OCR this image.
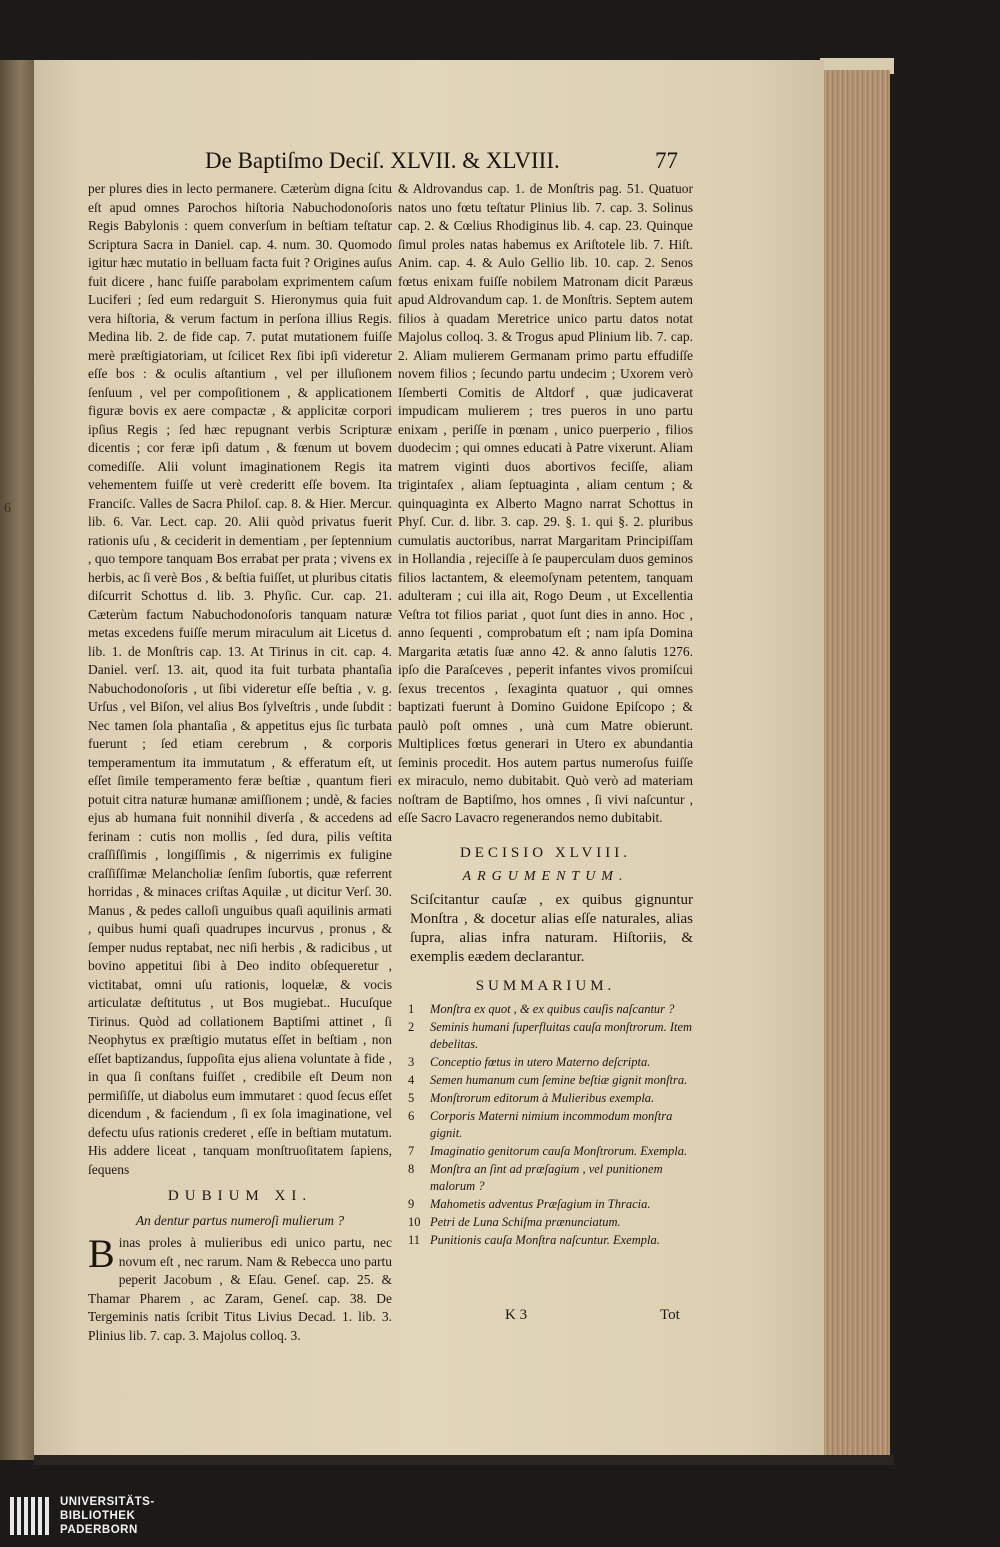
6
De Baptiſmo Deciſ. XLVII. & XLVIII.	77

per plures dies in lecto permanere. Cæterùm digna ſcitu eſt apud omnes Parochos hiſtoria Nabuchodonoſoris Regis Babylonis : quem converſum in beſtiam teſtatur Scriptura Sacra in Daniel. cap. 4. num. 30. Quomodo igitur hæc mutatio in belluam facta fuit ? Origines auſus fuit dicere , hanc fuiſſe parabolam exprimentem caſum Luciferi ; ſed eum redarguit S. Hieronymus quia fuit vera hiſtoria, & verum factum in perſona illius Regis. Medina lib. 2. de fide cap. 7. putat mutationem fuiſſe merè præſtigiatoriam, ut ſcilicet Rex ſibi ipſi videretur eſſe bos : & oculis aſtantium , vel per illuſionem ſenſuum , vel per compoſitionem , & applicationem figuræ bovis ex aere compactæ , & applicitæ corpori ipſius Regis ; ſed hæc repugnant verbis Scripturæ dicentis ; cor feræ ipſi datum , & fœnum ut bovem comediſſe. Alii volunt imaginationem Regis ita vehementem fuiſſe ut verè crederitt eſſe bovem. Ita Franciſc. Valles de Sacra Philoſ. cap. 8. & Hier. Mercur. lib. 6. Var. Lect. cap. 20. Alii quòd privatus fuerit rationis uſu , & ceciderit in dementiam , per ſeptennium , quo tempore tanquam Bos errabat per prata ; vivens ex herbis, ac ſi verè Bos , & beſtia fuiſſet, ut pluribus citatis diſcurrit Schottus d. lib. 3. Phyſic. Cur. cap. 21. Cæterùm factum Nabuchodonoſoris tanquam naturæ metas excedens fuiſſe merum miraculum ait Licetus d. lib. 1. de Monſtris cap. 13. At Tirinus in cit. cap. 4. Daniel. verſ. 13. ait, quod ita fuit turbata phantaſia Nabuchodonoſoris , ut ſibi videretur eſſe beſtia , v. g. Urſus , vel Biſon, vel alius Bos ſylveſtris , unde ſubdit : Nec tamen ſola phantaſia , & appetitus ejus ſic turbata fuerunt ; ſed etiam cerebrum , & corporis temperamentum ita immutatum , & efferatum eſt, ut eſſet ſimile temperamento feræ beſtiæ , quantum fieri potuit citra naturæ humanæ amiſſionem ; undè, & facies ejus ab humana fuit nonnihil diverſa , & accedens ad ferinam : cutis non mollis , ſed dura, pilis veſtita craſſiſſimis , longiſſimis , & nigerrimis ex fuligine craſſiſſimæ Melancholiæ ſenſim ſubortis, quæ referrent horridas , & minaces criſtas Aquilæ , ut dicitur Verſ. 30. Manus , & pedes calloſi unguibus quaſi aquilinis armati , quibus humi quaſi quadrupes incurvus , pronus , & ſemper nudus reptabat, nec niſi herbis , & radicibus , ut bovino appetitui ſibi à Deo indito obſequeretur , victitabat, omni uſu rationis, loquelæ, & vocis articulatæ deſtitutus , ut Bos mugiebat.. Hucuſque Tirinus. Quòd ad collationem Baptiſmi attinet , ſi Neophytus ex præſtigio mutatus eſſet in beſtiam , non eſſet baptizandus, ſuppoſita ejus aliena voluntate à fide , in qua ſi conſtans fuiſſet , credibile eſt Deum non permiſiſſe, ut diabolus eum immutaret : quod ſecus eſſet dicendum , & faciendum , ſi ex ſola imaginatione, vel defectu uſus rationis crederet , eſſe in beſtiam mutatum. His addere liceat , tanquam monſtruoſitatem ſapiens, ſequens

DUBIUM XI.
An dentur partus numeroſi mulierum ?

Binas proles à mulieribus edi unico partu, nec novum eſt , nec rarum. Nam & Rebecca uno partu peperit Jacobum , & Eſau. Geneſ. cap. 25. & Thamar Pharem , ac Zaram, Geneſ. cap. 38. De Tergeminis natis ſcribit Titus Livius Decad. 1. lib. 3. Plinius lib. 7. cap. 3. Majolus colloq. 3.

& Aldrovandus cap. 1. de Monſtris pag. 51. Quatuor natos uno fœtu teſtatur Plinius lib. 7. cap. 3. Solinus cap. 2. & Cœlius Rhodiginus lib. 4. cap. 23. Quinque ſimul proles natas habemus ex Ariſtotele lib. 7. Hiſt. Anim. cap. 4. & Aulo Gellio lib. 10. cap. 2. Senos fœtus enixam fuiſſe nobilem Matronam dicit Paræus apud Aldrovandum cap. 1. de Monſtris. Septem autem filios à quadam Meretrice unico partu datos notat Majolus colloq. 3. & Trogus apud Plinium lib. 7. cap. 2. Aliam mulierem Germanam primo partu effudiſſe novem filios ; ſecundo partu undecim ; Uxorem verò Iſemberti Comitis de Altdorf , quæ judicaverat impudicam mulierem ; tres pueros in uno partu enixam , periſſe in pœnam , unico puerperio , filios duodecim ; qui omnes educati à Patre vixerunt. Aliam matrem viginti duos abortivos feciſſe, aliam trigintaſex , aliam ſeptuaginta , aliam centum ; & quinquaginta ex Alberto Magno narrat Schottus in Phyſ. Cur. d. libr. 3. cap. 29. §. 1. qui §. 2. pluribus cumulatis auctoribus, narrat Margaritam Principiſſam in Hollandia , rejeciſſe à ſe pauperculam duos geminos filios lactantem, & eleemoſynam petentem, tanquam adulteram ; cui illa ait, Rogo Deum , ut Excellentia Veſtra tot filios pariat , quot ſunt dies in anno. Hoc , anno ſequenti , comprobatum eſt ; nam ipſa Domina Margarita ætatis ſuæ anno 42. & anno ſalutis 1276. ipſo die Paraſceves , peperit infantes vivos promiſcui ſexus trecentos , ſexaginta quatuor , qui omnes baptizati fuerunt à Domino Guidone Epiſcopo ; & paulò poſt omnes , unà cum Matre obierunt. Multiplices fœtus generari in Utero ex abundantia ſeminis procedit. Hos autem partus numeroſus fuiſſe ex miraculo, nemo dubitabit. Quò verò ad materiam noſtram de Baptiſmo, hos omnes , ſi vivi naſcuntur , eſſe Sacro Lavacro regenerandos nemo dubitabit.

DECISIO XLVIII.
ARGUMENTUM.
Sciſcitantur cauſæ , ex quibus gignuntur Monſtra , & docetur alias eſſe naturales, alias ſupra, alias infra naturam. Hiſtoriis, & exemplis eædem declarantur.
SUMMARIUM.
1	Monſtra ex quot , & ex quibus cauſis naſcantur ?
2	Seminis humani ſuperfluitas cauſa monſtrorum. Item debelitas.
3	Conceptio fœtus in utero Materno deſcripta.
4	Semen humanum cum ſemine beſtiæ gignit monſtra.
5	Monſtrorum editorum à Mulieribus exempla.
6	Corporis Materni nimium incommodum monſtra gignit.
7	Imaginatio genitorum cauſa Monſtrorum. Exempla.
8	Monſtra an ſint ad præſagium , vel punitionem malorum ?
9	Mahometis adventus Præſagium in Thracia.
10 Petri de Luna Schiſma prænunciatum.
11 Punitionis cauſa Monſtra naſcuntur. Exempla.
K 3	Tot
UNIVERSITÄTS-
BIBLIOTHEK
PADERBORN
